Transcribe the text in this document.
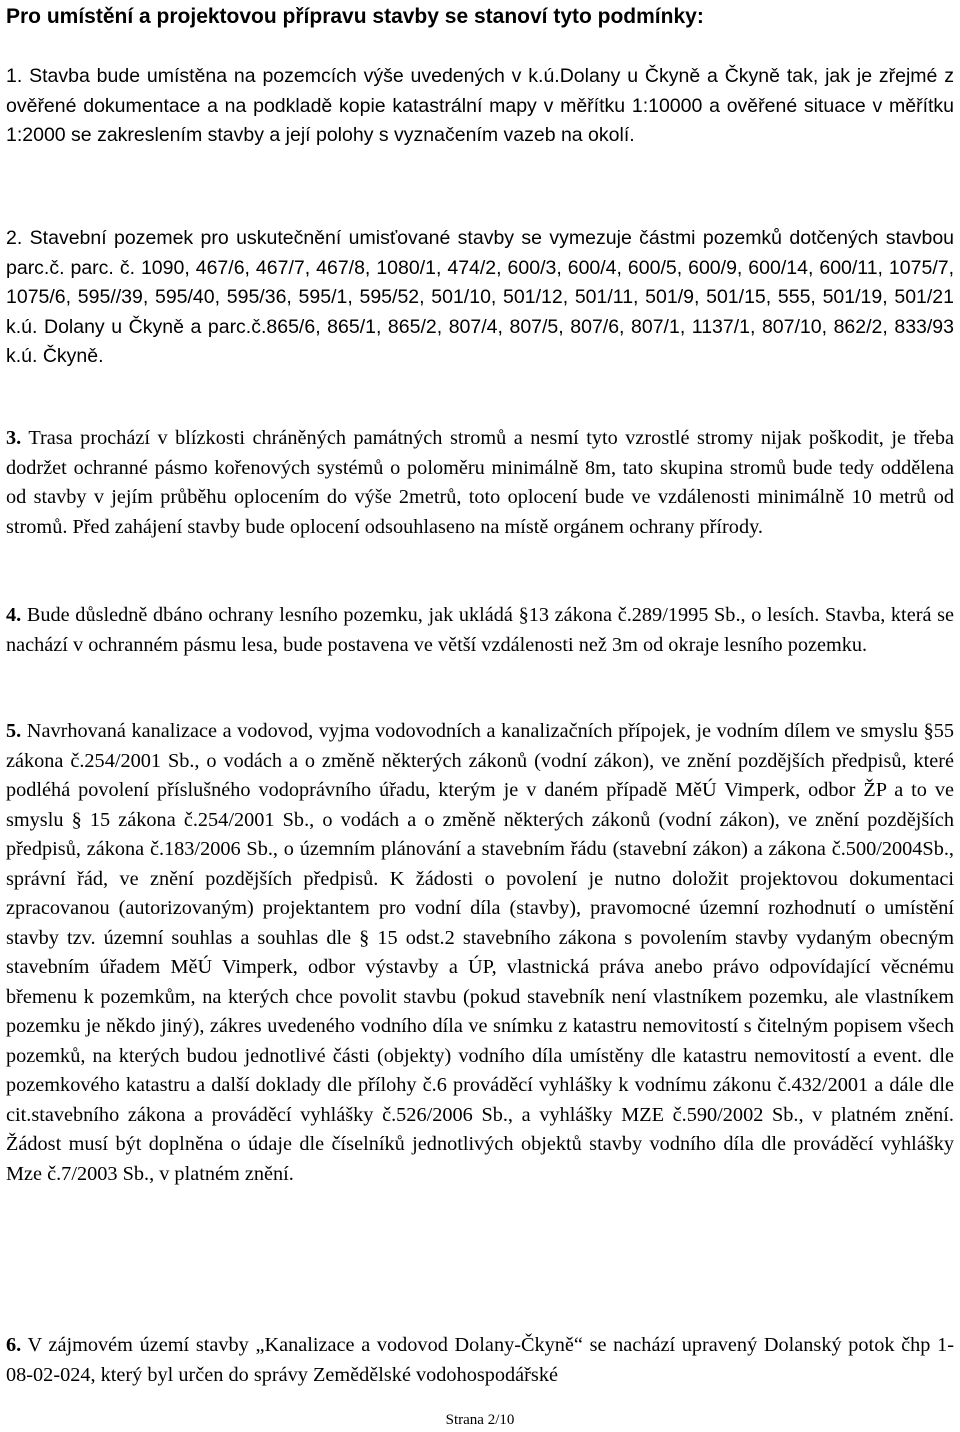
Pro umístění a projektovou přípravu stavby se stanoví tyto podmínky:

1. Stavba bude umístěna na pozemcích výše uvedených v k.ú.Dolany u Čkyně a Čkyně tak, jak je zřejmé z ověřené dokumentace a na podkladě kopie katastrální mapy v měřítku 1:10000 a ověřené situace v měřítku 1:2000 se zakreslením stavby a její polohy s vyznačením vazeb na okolí.

2. Stavební pozemek pro uskutečnění umisťované stavby se vymezuje částmi pozemků dotčených stavbou parc.č. parc. č. 1090, 467/6, 467/7, 467/8, 1080/1, 474/2, 600/3, 600/4, 600/5, 600/9, 600/14, 600/11, 1075/7, 1075/6, 595//39, 595/40, 595/36, 595/1, 595/52, 501/10, 501/12, 501/11, 501/9, 501/15, 555, 501/19, 501/21 k.ú. Dolany u Čkyně a parc.č.865/6, 865/1, 865/2, 807/4, 807/5, 807/6, 807/1, 1137/1, 807/10, 862/2, 833/93 k.ú. Čkyně.

3. Trasa prochází v blízkosti chráněných památných stromů a nesmí tyto vzrostlé stromy nijak poškodit, je třeba dodržet ochranné pásmo kořenových systémů o poloměru minimálně 8m, tato skupina stromů bude tedy oddělena od stavby v jejím průběhu oplocením do výše 2metrů, toto oplocení bude ve vzdálenosti minimálně 10 metrů od stromů. Před zahájení stavby bude oplocení odsouhlaseno na místě orgánem ochrany přírody.

4. Bude důsledně dbáno ochrany lesního pozemku, jak ukládá §13 zákona č.289/1995 Sb., o lesích. Stavba, která se nachází v ochranném pásmu lesa, bude postavena ve větší vzdálenosti než 3m od okraje lesního pozemku.

5. Navrhovaná kanalizace a vodovod, vyjma vodovodních a kanalizačních přípojek, je vodním dílem ve smyslu §55 zákona č.254/2001 Sb., o vodách a o změně některých zákonů (vodní zákon), ve znění pozdějších předpisů, které podléhá povolení příslušného vodoprávního úřadu, kterým je v daném případě MěÚ Vimperk, odbor ŽP a to ve smyslu § 15 zákona č.254/2001 Sb., o vodách a o změně některých zákonů (vodní zákon), ve znění pozdějších předpisů, zákona č.183/2006 Sb., o územním plánování a stavebním řádu (stavební zákon) a zákona č.500/2004Sb., správní řád, ve znění pozdějších předpisů. K žádosti o povolení je nutno doložit projektovou dokumentaci zpracovanou (autorizovaným) projektantem pro vodní díla (stavby), pravomocné územní rozhodnutí o umístění stavby tzv. územní souhlas a souhlas dle § 15 odst.2 stavebního zákona s povolením stavby vydaným obecným stavebním úřadem MěÚ Vimperk, odbor výstavby a ÚP, vlastnická práva anebo právo odpovídající věcnému břemenu k pozemkům, na kterých chce povolit stavbu (pokud stavebník není vlastníkem pozemku, ale vlastníkem pozemku je někdo jiný), zákres uvedeného vodního díla ve snímku z katastru nemovitostí s čitelným popisem všech pozemků, na kterých budou jednotlivé části (objekty) vodního díla umístěny dle katastru nemovitostí a event. dle pozemkového katastru a další doklady dle přílohy č.6 prováděcí vyhlášky k vodnímu zákonu č.432/2001 a dále dle cit.stavebního zákona a prováděcí vyhlášky č.526/2006 Sb., a vyhlášky MZE č.590/2002 Sb., v platném znění. Žádost musí být doplněna o údaje dle číselníků jednotlivých objektů stavby vodního díla dle prováděcí vyhlášky Mze č.7/2003 Sb., v platném znění.

6. V zájmovém území stavby „Kanalizace a vodovod Dolany-Čkyně“ se nachází upravený Dolanský potok čhp 1-08-02-024, který byl určen do správy Zemědělské vodohospodářské

Strana 2/10
